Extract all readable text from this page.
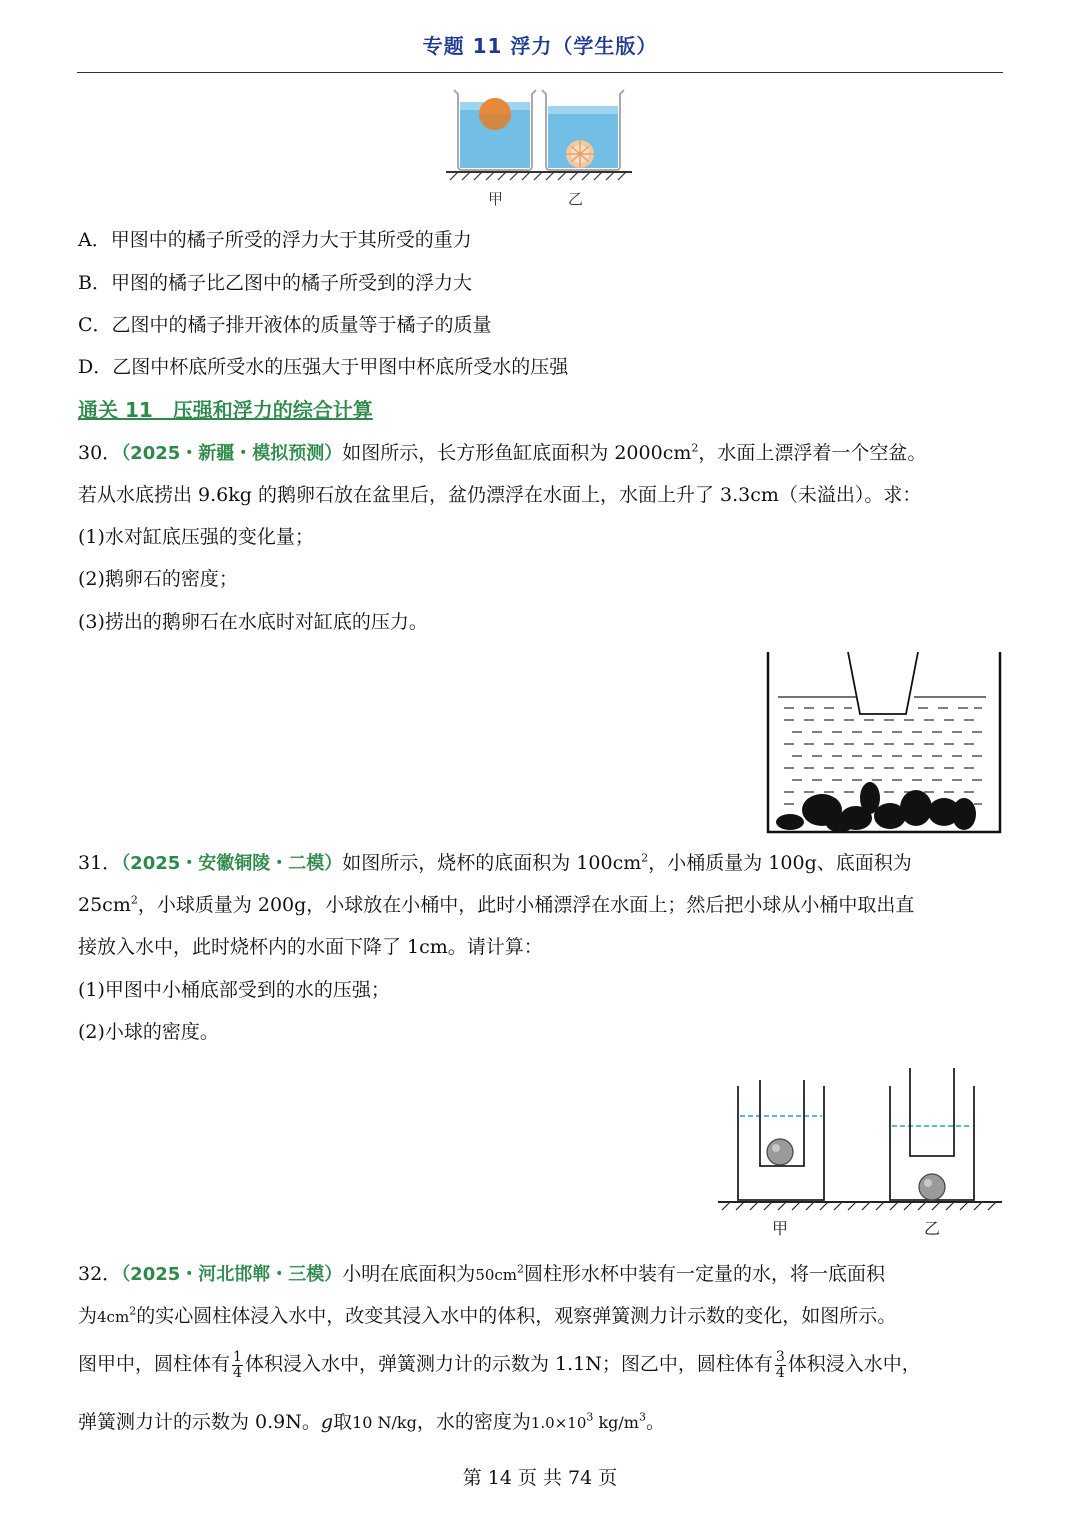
专题 11 浮力（学生版）
甲	乙
A．甲图中的橘子所受的浮力大于其所受的重力
B．甲图的橘子比乙图中的橘子所受到的浮力大
C．乙图中的橘子排开液体的质量等于橘子的质量
D．乙图中杯底所受水的压强大于甲图中杯底所受水的压强
通关 11　压强和浮力的综合计算
30．（2025・新疆・模拟预测）如图所示，长方形鱼缸底面积为 $2000cm^2$，水面上漂浮着一个空盆。
若从水底捞出 9.6kg 的鹅卵石放在盆里后，盆仍漂浮在水面上，水面上升了 3.3cm（未溢出）。求：
(1)水对缸底压强的变化量；
(2)鹅卵石的密度；
(3)捞出的鹅卵石在水底时对缸底的压力。
31．（2025・安徽铜陵・二模）如图所示，烧杯的底面积为 $100cm^2$，小桶质量为 100g、底面积为
$25cm^2$，小球质量为 200g，小球放在小桶中，此时小桶漂浮在水面上；然后把小球从小桶中取出直
接放入水中，此时烧杯内的水面下降了 1cm。请计算：
(1)甲图中小桶底部受到的水的压强；
(2)小球的密度。
甲	乙
32．（2025・河北邯郸・三模）小明在底面积为$50cm^2$圆柱形水杯中装有一定量的水，将一底面积
为$4cm^2$的实心圆柱体浸入水中，改变其浸入水中的体积，观察弹簧测力计示数的变化，如图所示。
图甲中，圆柱体有 $\frac{1}{4}$ 体积浸入水中，弹簧测力计的示数为 1.1N；图乙中，圆柱体有 $\frac{3}{4}$ 体积浸入水中，
弹簧测力计的示数为 0.9N。g取10 N/kg，水的密度为$1.0\times 10^3$ $kg/m^3$。
第 14 页 共 74 页
